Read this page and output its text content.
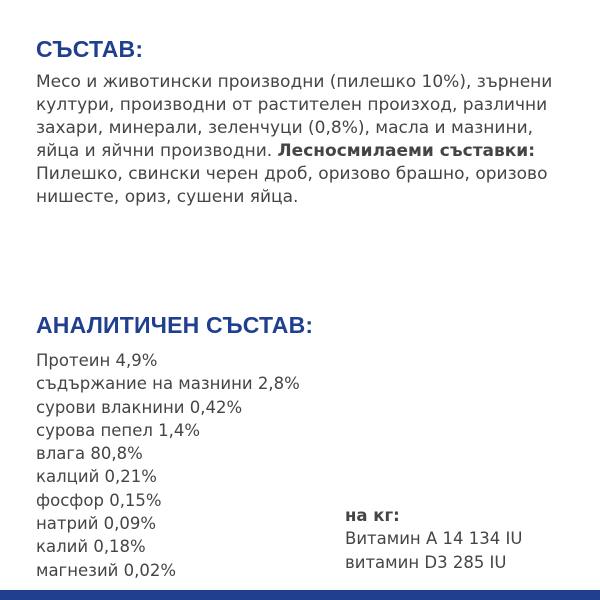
СЪСТАВ:

Месо и животински производни (пилешко 10%), зърнени култури, производни от растителен произход, различни захари, минерали, зеленчуци (0,8%), масла и мазнини, яйца и яйчни производни. Лесносмилаеми съставки: Пилешко, свински черен дроб, оризово брашно, оризово нишесте, ориз, сушени яйца.

АНАЛИТИЧЕН СЪСТАВ:
Протеин 4,9%
съдържание на мазнини 2,8%
сурови влакнини 0,42%
сурова пепел 1,4%
влага 80,8%
калций 0,21%
фосфор 0,15%
натрий 0,09%
калий 0,18%
магнезий 0,02%
на кг:
Витамин А 14 134 IU
витамин D3 285 IU
